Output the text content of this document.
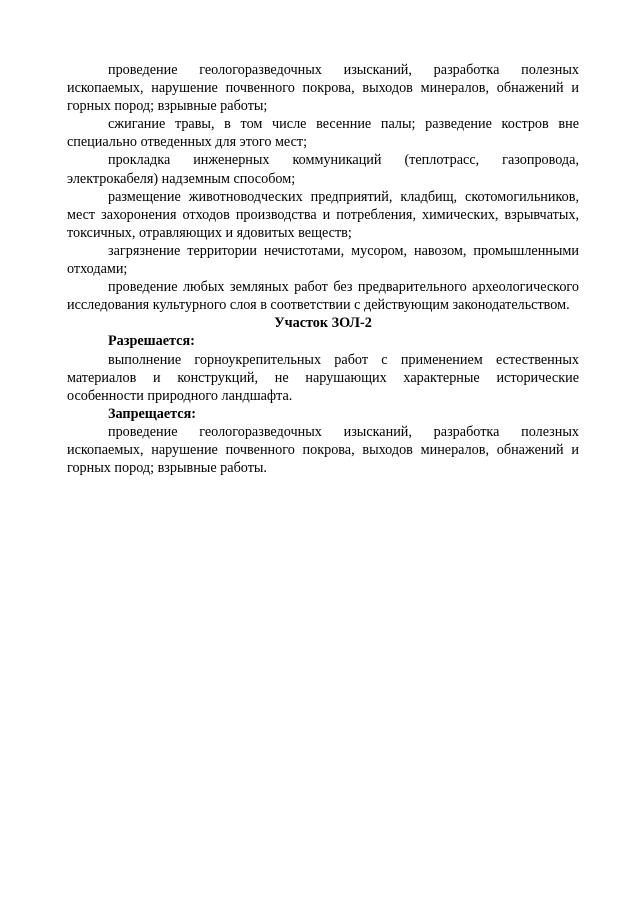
проведение геологоразведочных изысканий, разработка полезных ископаемых, нарушение почвенного покрова, выходов минералов, обнажений и горных пород; взрывные работы;

сжигание травы, в том числе весенние палы; разведение костров вне специально отведенных для этого мест;

прокладка инженерных коммуникаций (теплотрасс, газопровода, электрокабеля) надземным способом;

размещение животноводческих предприятий, кладбищ, скотомогильников, мест захоронения отходов производства и потребления, химических, взрывчатых, токсичных, отравляющих и ядовитых веществ;

загрязнение территории нечистотами, мусором, навозом, промышленными отходами;

проведение любых земляных работ без предварительного археологического исследования культурного слоя в соответствии с действующим законодательством.

Участок ЗОЛ-2

Разрешается:

выполнение горноукрепительных работ с применением естественных материалов и конструкций, не нарушающих характерные исторические особенности природного ландшафта.

Запрещается:

проведение геологоразведочных изысканий, разработка полезных ископаемых, нарушение почвенного покрова, выходов минералов, обнажений и горных пород; взрывные работы.
